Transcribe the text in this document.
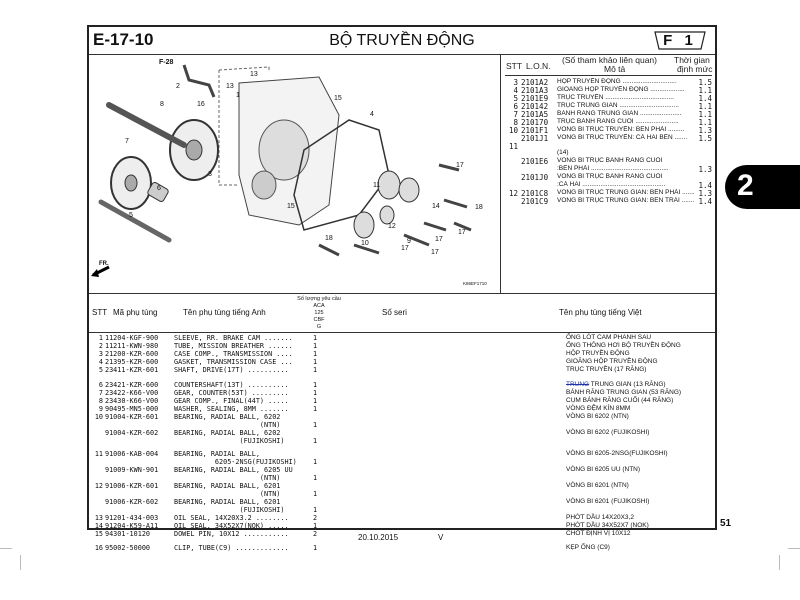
E-17-10	BỘ TRUYỀN ĐỘNG	F 1
F-28
2	13
1
13
16
8
15
4
7
3
17
11
6
15	14	18
5
17
17
12
9
18
10
17
17
FR.
K86EF1710
STT L.O.N.
(Số tham khảo liên quan)
Mô tả
Thời gian
định mức
3 2101A2 HỘP TRUYỀN ĐỘNG ..............................	1.5
4 2101A3 GIOĂNG HỘP TRUYỀN ĐỘNG ...................	1.1
5 2101E9 TRỤC TRUYỀN ......................................	1.4
6 210142 TRỤC TRUNG GIAN .................................	1.1
7 2101A5 BÁNH RĂNG TRUNG GIAN .......................	1.1
8 210170 TRỤC BÁNH RĂNG CUỐI ........................	1.1
10 2101F1 VÒNG BI TRỤC TRUYỀN: BÊN PHẢI .........	1.3
2101J1 VÒNG BI TRỤC TRUYỀN: CẢ HAI BÊN .......	1.5
11
(14)
2101E6 VÒNG BI TRỤC BÁNH RĂNG CUỐI
:BÊN PHẢI ...........................................	1.3
2101J0 VÒNG BI TRỤC BÁNH RĂNG CUỐI
:CẢ HAI ..............................................	1.4
12 2101C8 VÒNG BI TRỤC TRUNG GIAN: BÊN PHẢI ....... 1.3
2101C9 VÒNG BI TRỤC TRUNG GIAN: BÊN TRÁI ....... 1.4
STT Mã phụ tùng	Tên phụ tùng tiếng Anh
Số lượng yêu cầu
ACA
125
CBF
G
Số seri	Tên phụ tùng tiếng Việt
1 11204-KGF-900 SLEEVE, RR. BRAKE CAM .......	1	ỐNG LÓT CAM PHANH SAU
2 11211-KWN-980 TUBE, MISSION BREATHER ......	1	ỐNG THÔNG HƠI BỘ TRUYỀN ĐỘNG
3 21200-KZR-600 CASE COMP., TRANSMISSION ....	1	HỘP TRUYỀN ĐỘNG
4 21395-KZR-600 GASKET, TRANSMISSION CASE ...	1	GIOĂNG HỘP TRUYỀN ĐỘNG
5 23411-KZR-601 SHAFT, DRIVE(17T) ..........	1	TRỤC TRUYỀN (17 RĂNG)
6 23421-KZR-600 COUNTERSHAFT(13T) ..........	1	TRUNG TRUNG GIAN (13 RĂNG)
7 23422-K66-V00 GEAR, COUNTER(53T) .........	1	BÁNH RĂNG TRUNG GIAN (53 RĂNG)
8 23430-K66-V00 GEAR COMP., FINAL(44T) .....	1	CỤM BÁNH RĂNG CUỐI (44 RĂNG)
9 90495-MN5-000 WASHER, SEALING, 8MM .......	1	VÒNG ĐỆM KÍN 8MM
10 91004-KZR-601 BEARING, RADIAL BALL, 6202	VÒNG BI 6202 (NTN)
(NTN)	1
91004-KZR-602 BEARING, RADIAL BALL, 6202	VÒNG BI 6202 (FUJIKOSHI)
(FUJIKOSHI)	1
11 91006-KAB-004 BEARING, RADIAL BALL,	VÒNG BI 6205-2NSG(FUJIKOSHI)
6205-2NSG(FUJIKOSHI) 1
91009-KWN-901 BEARING, RADIAL BALL, 6205 UU	VÒNG BI 6205 UU (NTN)
(NTN)	1
12 91006-KZR-601 BEARING, RADIAL BALL, 6201	VÒNG BI 6201 (NTN)
(NTN)	1
91006-KZR-602 BEARING, RADIAL BALL, 6201	VÒNG BI 6201 (FUJIKOSHI)
(FUJIKOSHI)	1
13 91201-434-003 OIL SEAL, 14X20X3.2 ........	2	PHỚT DẦU 14X20X3,2
14 91204-K59-A11 OIL SEAL, 34X52X7(NOK) .....	1	PHỚT DẦU 34X52X7 (NOK)
15 94301-10120	DOWEL PIN, 10X12 ...........	2	CHỐT ĐỊNH VỊ 10X12
16 95002-50000	CLIP, TUBE(C9) .............	1	KẸP ỐNG (C9)
2
51
20.10.2015	V
